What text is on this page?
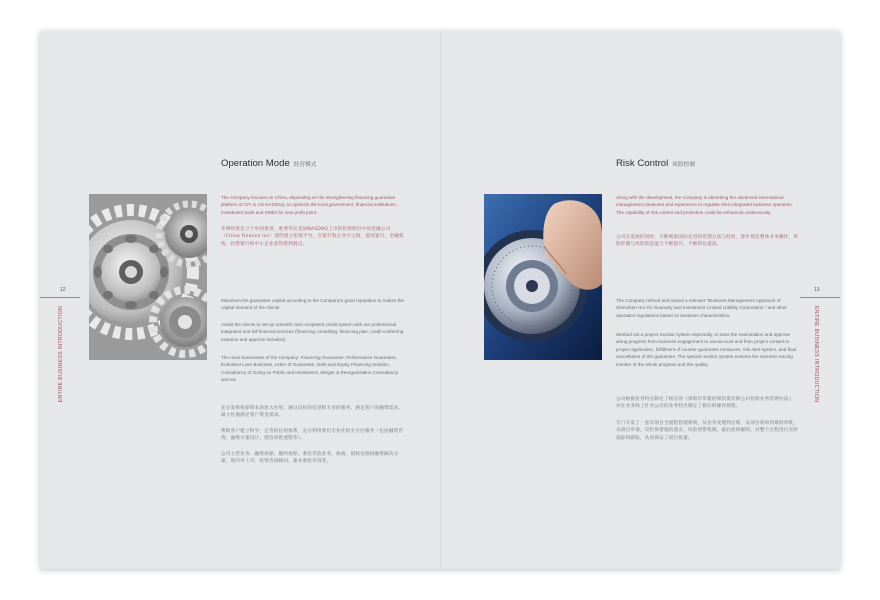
Operation Mode 经营模式
The Company focuses on China, depending on the strengthening financing guarantee platform of CFI in US NASDAQ, to optimize the local government, financial institutions, investment bank and SMEs for new profit point.
华博经算定立于中国推进，重要华民美国NASDAQ上市的担保股份中国金融公司（China Finance Inc）建的建立担保平台，在银行和企业中之间，提高银行、金融机构、投资银行和中小企业获得新利润点。
Maximum the guarantee capital according to the Company's good reputation to realize the capital demand of the clients.
Assist the clients to set up scientific and completed credit system with our professional integrated and full financial services (financing consulting, financing plan, credit conferring examine and approve included).
The main businesses of the Company: Financing Guarantee, Performance Guarantee, Entrusted Loan Business, Letter of Guarantee, Debt and Equity Financing Solution, Consultancy of Going on Public and Investment, Merger & Reorganization Consultancy and etc.
充分发挥担保资本的放大作用，通过良好的信誉和专业的服务，满足客户的融资需求，最大化地满足客户资金需求。
帮助客户建立科学、完善的信用体系，充分利用我们专业化的全方位服务（包括融资咨询、融资方案设计、授信审批流程等）。
公司主营业务：融资担保、履约担保、委托贷款业务、保函、债权及股权融资解决方案、境内外上市、投资咨询顾问、兼并重组咨询等。
12
ENTIRE BUSINESS INTRODUCTION
Risk Control 风险控制
Along with the development, the Company is absorbing the advanced international management measures and experience to regulate their integrated business operation. The capability of risk control and protection could be enhanced continuously.
公司在发展的同时，不断吸取国际先进的管理方法与经验，逐步规范整体业务操作，风险控制与风险防范能力不断提升，不断得以提高。
The Company refined and issued a relevant "Business Management Approach of Shenzhen Hui Yin Guaranty and Investment Limited Liability Corporation." and other operation regulations based on business characteristics.
Worked out a project monitor system especially, to trace the examination and approve along progress from business engagement to out-account and from project contact to project application, fulfillment of counter-guarantee measures, risk alert system, and final cancellation of the guarantee. The special monitor system ensures the real-time tracing monitor of the whole progress and the quality.
公司根据业务特点制定了相应的《深圳市华银担保投资有限公司担保业务管理办法》，并在业务线上针对公司的业务特点制定了相应的操作规程。
专门开发了一套对项目全流程管理系统，从业务受理到出账，从项目初审到最终审批，从项目申请、反担保措施的落实、风险预警机制、最后担保解除，对整个过程进行实时追踪和跟踪，从而保证了项目质量。
13
ENTIRE BUSINESS INTRODUCTION
